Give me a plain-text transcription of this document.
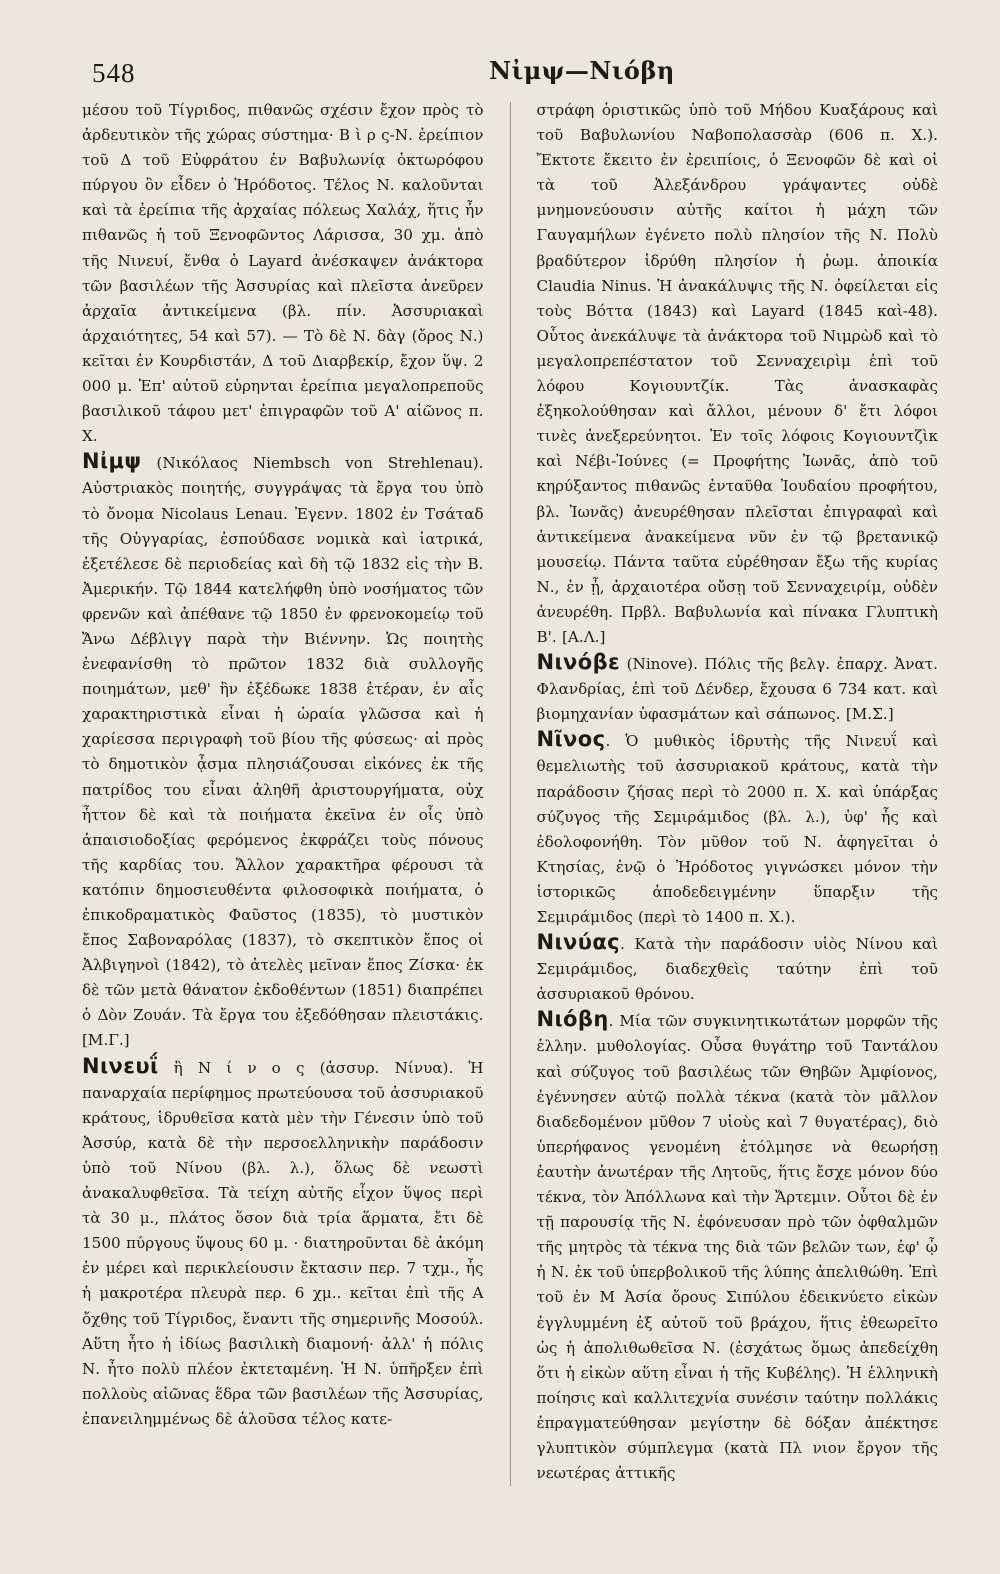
548	Νἰμψ—Νιόβη

μέσου τοῦ Τίγριδος, πιθανῶς σχέσιν ἔχον πρὸς τὸ ἀρδευτικὸν τῆς χώρας σύστημα· Β ὶ ρ ς-Ν. ἐρείπιον τοῦ Δ τοῦ Εὐφράτου ἐν Βαβυλωνίᾳ ὀκτωρόφου πύργου ὃν εἶδεν ὁ Ἡρόδοτος. Τέλος Ν. καλοῦνται καὶ τὰ ἐρείπια τῆς ἀρχαίας πόλεως Χαλάχ, ἥτις ἦν πιθανῶς ἡ τοῦ Ξενοφῶντος Λάρισσα, 30 χμ. ἀπὸ τῆς Νινευί, ἔνθα ὁ Layard ἀνέσκαψεν ἀνάκτορα τῶν βασιλέων τῆς Ἀσσυρίας καὶ πλεῖστα ἀνεῦρεν ἀρχαῖα ἀντικείμενα (βλ. πίν. Ἀσσυριακαὶ ἀρχαιότητες, 54 καὶ 57). — Τὸ δὲ Ν. δὰγ (ὄρος Ν.) κεῖται ἐν Κουρδιστάν, Δ τοῦ Διαρβεκίρ, ἔχον ὕψ. 2 000 μ. Ἐπ' αὐτοῦ εὑρηνται ἐρείπια μεγαλοπρεποῦς βασιλικοῦ τάφου μετ' ἐπιγραφῶν τοῦ Α' αἰῶνος π. Χ.

Νἰμψ (Νικόλαος Niembsch von Strehlenau). Αὐστριακὸς ποιητής, συγγράψας τὰ ἔργα του ὑπὸ τὸ ὄνομα Nicolaus Lenau. Ἐγενν. 1802 ἐν Τσάταδ τῆς Οὑγγαρίας, ἐσπούδασε νομικὰ καὶ ἰατρικά, ἐξετέλεσε δὲ περιοδείας καὶ δὴ τῷ 1832 εἰς τὴν Β. Ἀμερικήν. Τῷ 1844 κατελήφθη ὑπὸ νοσήματος τῶν φρενῶν καὶ ἀπέθανε τῷ 1850 ἐν φρενοκομείῳ τοῦ Ἄνω Δέβλιγγ παρὰ τὴν Βιέννην. Ὡς ποιητὴς ἐνεφανίσθη τὸ πρῶτον 1832 διὰ συλλογῆς ποιημάτων, μεθ' ἣν ἐξέδωκε 1838 ἑτέραν, ἐν αἷς χαρακτηριστικὰ εἶναι ἡ ὡραία γλῶσσα καὶ ἡ χαρίεσσα περιγραφὴ τοῦ βίου τῆς φύσεως· αἱ πρὸς τὸ δημοτικὸν ᾆσμα πλησιάζουσαι εἰκόνες ἐκ τῆς πατρίδος του εἶναι ἀληθῆ ἀριστουργήματα, οὐχ ἧττον δὲ καὶ τὰ ποιήματα ἐκεῖνα ἐν οἷς ὑπὸ ἀπαισιοδοξίας φερόμενος ἐκφράζει τοὺς πόνους τῆς καρδίας του. Ἄλλον χαρακτῆρα φέρουσι τὰ κατόπιν δημοσιευθέντα φιλοσοφικὰ ποιήματα, ὁ ἐπικοδραματικὸς Φαῦστος (1835), τὸ μυστικὸν ἔπος Σαβοναρόλας (1837), τὸ σκεπτικὸν ἔπος οἱ Ἀλβιγηνοὶ (1842), τὸ ἀτελὲς μεῖναν ἔπος Ζίσκα· ἐκ δὲ τῶν μετὰ θάνατον ἐκδοθέντων (1851) διαπρέπει ὁ Δὸν Ζουάν. Τὰ ἔργα του ἐξεδόθησαν πλειστάκις. [Μ.Γ.]

Νινευΐ ἢ Ν ί ν ο ς (ἀσσυρ. Νίνυα). Ἡ παναρχαία περίφημος πρωτεύουσα τοῦ ἀσσυριακοῦ κράτους, ἱδρυθεῖσα κατὰ μὲν τὴν Γένεσιν ὑπὸ τοῦ Ἀσσύρ, κατὰ δὲ τὴν περσοελληνικὴν παράδοσιν ὑπὸ τοῦ Νίνου (βλ. λ.), ὅλως δὲ νεωστὶ ἀνακαλυφθεῖσα. Τὰ τείχη αὐτῆς εἶχον ὕψος περὶ τὰ 30 μ., πλάτος ὅσον διὰ τρία ἅρματα, ἔτι δὲ 1500 πύργους ὕψους 60 μ. · διατηροῦνται δὲ ἀκόμη ἐν μέρει καὶ περικλείουσιν ἔκτασιν περ. 7 τχμ., ἧς ἡ μακροτέρα πλευρὰ περ. 6 χμ.. κεῖται ἐπὶ τῆς Α ὄχθης τοῦ Τίγριδος, ἔναντι τῆς σημερινῆς Μοσούλ. Αὕτη ἦτο ἡ ἰδίως βασιλικὴ διαμονή· ἀλλ' ἡ πόλις Ν. ἦτο πολὺ πλέον ἐκτεταμένη. Ἡ Ν. ὑπῆρξεν ἐπὶ πολλοὺς αἰῶνας ἕδρα τῶν βασιλέων τῆς Ἀσσυρίας, ἐπανειλημμένως δὲ ἁλοῦσα τέλος κατε-

στράφη ὁριστικῶς ὑπὸ τοῦ Μήδου Κυαξάρους καὶ τοῦ Βαβυλωνίου Ναβοπολασσὰρ (606 π. Χ.). Ἔκτοτε ἔκειτο ἐν ἐρειπίοις, ὁ Ξενοφῶν δὲ καὶ οἱ τὰ τοῦ Ἀλεξάνδρου γράψαντες οὐδὲ μνημονεύουσιν αὐτῆς καίτοι ἡ μάχη τῶν Γαυγαμήλων ἐγένετο πολὺ πλησίον τῆς Ν. Πολὺ βραδύτερον ἱδρύθη πλησίον ἡ ῥωμ. ἀποικία Claudia Ninus. Ἡ ἀνακάλυψις τῆς Ν. ὀφείλεται εἰς τοὺς Βόττα (1843) καὶ Layard (1845 καὶ-48). Οὗτος ἀνεκάλυψε τὰ ἀνάκτορα τοῦ Νιμρὼδ καὶ τὸ μεγαλοπρεπέστατον τοῦ Σενναχειρὶμ ἐπὶ τοῦ λόφου Κογιουντζίκ. Τὰς ἀνασκαφὰς ἐξηκολούθησαν καὶ ἄλλοι, μένουν δ' ἔτι λόφοι τινὲς ἀνεξερεύνητοι. Ἐν τοῖς λόφοις Κογιουντζὶκ καὶ Νέβι-Ἰούνες (= Προφήτης Ἰωνᾶς, ἀπὸ τοῦ κηρύξαντος πιθανῶς ἐνταῦθα Ἰουδαίου προφήτου, βλ. Ἰωνᾶς) ἀνευρέθησαν πλεῖσται ἐπιγραφαὶ καὶ ἀντικείμενα ἀνακείμενα νῦν ἐν τῷ βρετανικῷ μουσείῳ. Πάντα ταῦτα εὑρέθησαν ἔξω τῆς κυρίας Ν., ἐν ᾗ, ἀρχαιοτέρα οὔσῃ τοῦ Σενναχειρίμ, οὐδὲν ἀνευρέθη. Πρβλ. Βαβυλωνία καὶ πίνακα Γλυπτικὴ Β'. [Α.Λ.]

Νινόβε (Ninove). Πόλις τῆς βελγ. ἐπαρχ. Ἀνατ. Φλανδρίας, ἐπὶ τοῦ Δένδερ, ἔχουσα 6 734 κατ. καὶ βιομηχανίαν ὑφασμάτων καὶ σάπωνος. [Μ.Σ.]

Νῖνος. Ὁ μυθικὸς ἱδρυτὴς τῆς Νινευΐ καὶ θεμελιωτὴς τοῦ ἀσσυριακοῦ κράτους, κατὰ τὴν παράδοσιν ζήσας περὶ τὸ 2000 π. Χ. καὶ ὑπάρξας σύζυγος τῆς Σεμιράμιδος (βλ. λ.), ὑφ' ἧς καὶ ἐδολοφονήθη. Τὸν μῦθον τοῦ Ν. ἀφηγεῖται ὁ Κτησίας, ἐνῷ ὁ Ἡρόδοτος γιγνώσκει μόνον τὴν ἱστορικῶς ἀποδεδειγμένην ὕπαρξιν τῆς Σεμιράμιδος (περὶ τὸ 1400 π. Χ.).

Νινύας. Κατὰ τὴν παράδοσιν υἱὸς Νίνου καὶ Σεμιράμιδος, διαδεχθεὶς ταύτην ἐπὶ τοῦ ἀσσυριακοῦ θρόνου.

Νιόβη. Μία τῶν συγκινητικωτάτων μορφῶν τῆς ἑλλην. μυθολογίας. Οὖσα θυγάτηρ τοῦ Ταντάλου καὶ σύζυγος τοῦ βασιλέως τῶν Θηβῶν Ἀμφίονος, ἐγέννησεν αὐτῷ πολλὰ τέκνα (κατὰ τὸν μᾶλλον διαδεδομένον μῦθον 7 υἱοὺς καὶ 7 θυγατέρας), διὸ ὑπερήφανος γενομένη ἐτόλμησε νὰ θεωρήσῃ ἑαυτὴν ἀνωτέραν τῆς Λητοῦς, ἥτις ἔσχε μόνον δύο τέκνα, τὸν Ἀπόλλωνα καὶ τὴν Ἄρτεμιν. Οὗτοι δὲ ἐν τῇ παρουσίᾳ τῆς Ν. ἐφόνευσαν πρὸ τῶν ὀφθαλμῶν τῆς μητρὸς τὰ τέκνα της διὰ τῶν βελῶν των, ἐφ' ᾧ ἡ Ν. ἐκ τοῦ ὑπερβολικοῦ τῆς λύπης ἀπελιθώθη. Ἐπὶ τοῦ ἐν Μ Ἀσία ὄρους Σιπύλου ἐδεικνύετο εἰκὼν ἐγγλυμμένη ἐξ αὐτοῦ τοῦ βράχου, ἥτις ἐθεωρεῖτο ὡς ἡ ἀπολιθωθεῖσα Ν. (ἐσχάτως ὅμως ἀπεδείχθη ὅτι ἡ εἰκὼν αὕτη εἶναι ἡ τῆς Κυβέλης). Ἡ ἑλληνικὴ ποίησις καὶ καλλιτεχνία συνέσιν ταύτην πολλάκις ἐπραγματεύθησαν μεγίστην δὲ δόξαν ἀπέκτησε γλυπτικὸν σύμπλεγμα (κατὰ Πλ νιον ἔργον τῆς νεωτέρας ἀττικῆς
